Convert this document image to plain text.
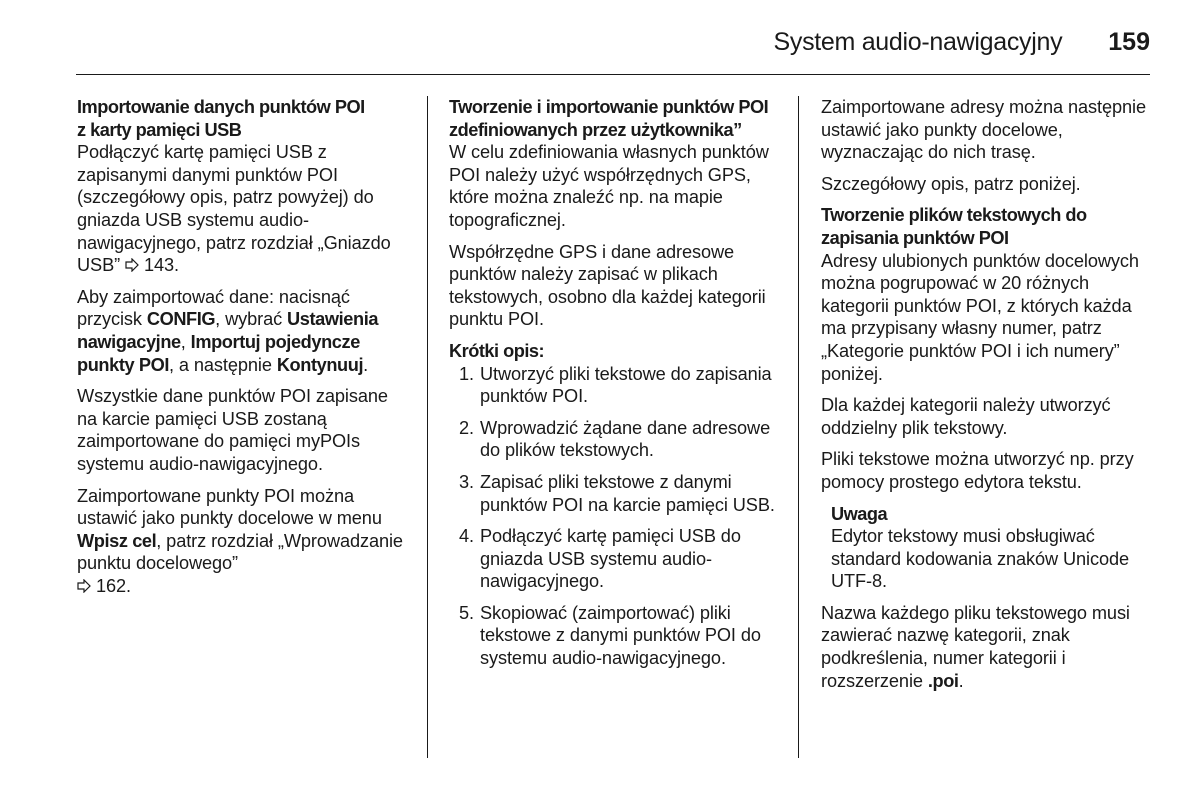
System audio-nawigacyjny 159
Importowanie danych punktów POI
z karty pamięci USB

Podłączyć kartę pamięci USB z zapisanymi danymi punktów POI (szczegółowy opis, patrz powyżej) do gniazda USB systemu audio-nawigacyjnego, patrz rozdział „Gniazdo USB” 143.

Aby zaimportować dane: nacisnąć przycisk CONFIG, wybrać Ustawienia nawigacyjne, Importuj pojedyncze punkty POI, a następnie Kontynuuj.

Wszystkie dane punktów POI zapisane na karcie pamięci USB zostaną zaimportowane do pamięci myPOIs systemu audio-nawigacyjnego.

Zaimportowane punkty POI można ustawić jako punkty docelowe w menu Wpisz cel, patrz rozdział „Wprowadzanie punktu docelowego”

162.

Tworzenie i importowanie punktów POI zdefiniowanych przez użytkownika”

W celu zdefiniowania własnych punktów POI należy użyć współrzędnych GPS, które można znaleźć np. na mapie topograficznej.

Współrzędne GPS i dane adresowe punktów należy zapisać w plikach tekstowych, osobno dla każdej kategorii punktu POI.

Krótki opis:
1. Utworzyć pliki tekstowe do zapisania punktów POI.
2. Wprowadzić żądane dane adresowe do plików tekstowych.
3. Zapisać pliki tekstowe z danymi punktów POI na karcie pamięci USB.
4. Podłączyć kartę pamięci USB do gniazda USB systemu audio-nawigacyjnego.
5. Skopiować (zaimportować) pliki tekstowe z danymi punktów POI do systemu audio-nawigacyjnego.

Zaimportowane adresy można następnie ustawić jako punkty docelowe, wyznaczając do nich trasę.

Szczegółowy opis, patrz poniżej.

Tworzenie plików tekstowych do zapisania punktów POI

Adresy ulubionych punktów docelowych można pogrupować w 20 różnych kategorii punktów POI, z których każda ma przypisany własny numer, patrz „Kategorie punktów POI i ich numery” poniżej.

Dla każdej kategorii należy utworzyć oddzielny plik tekstowy.

Pliki tekstowe można utworzyć np. przy pomocy prostego edytora tekstu.

Uwaga
Edytor tekstowy musi obsługiwać standard kodowania znaków Unicode UTF-8.

Nazwa każdego pliku tekstowego musi zawierać nazwę kategorii, znak podkreślenia, numer kategorii i rozszerzenie .poi.
